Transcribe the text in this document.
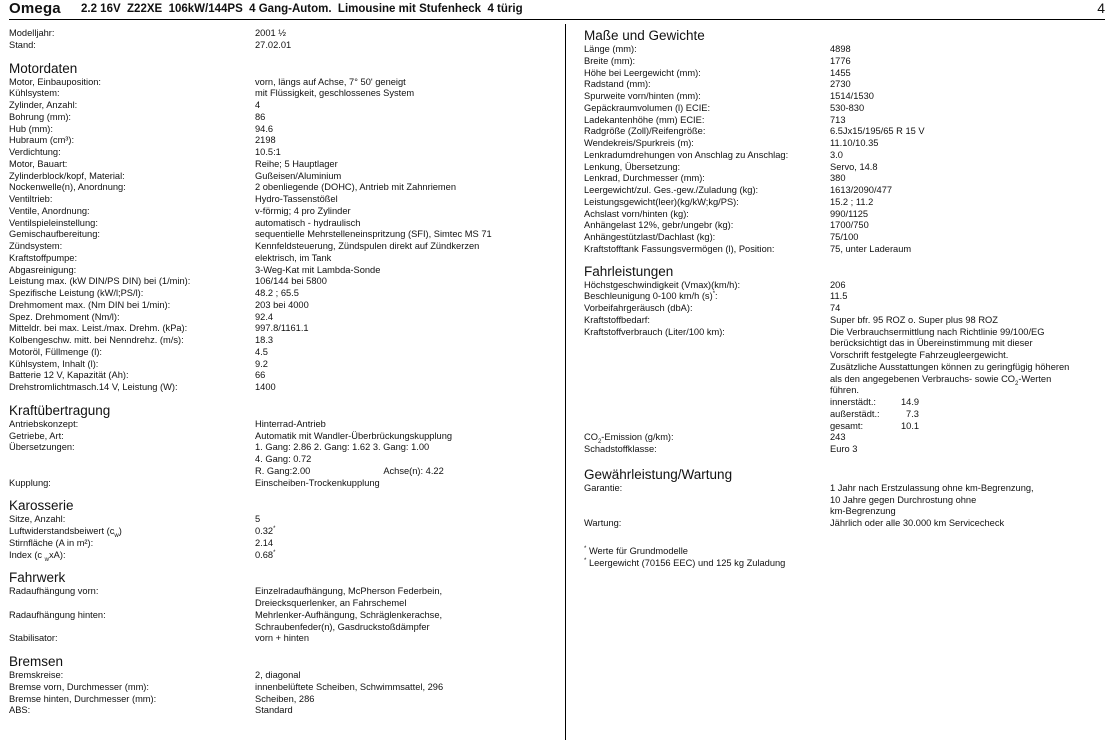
Omega 2.2 16V  Z22XE  106kW/144PS  4 Gang-Autom.  Limousine mit Stufenheck  4 türig	4
Modelljahr:	2001 ½
Stand:	27.02.01
Motordaten
Motor, Einbauposition:	vorn, längs auf Achse, 7° 50' geneigt
Kühlsystem:	mit Flüssigkeit, geschlossenes System
Zylinder, Anzahl:	4
Bohrung (mm):	86
Hub (mm):	94.6
Hubraum (cm³):	2198
Verdichtung:	10.5:1
Motor, Bauart:	Reihe; 5 Hauptlager
Zylinderblock/kopf, Material:	Gußeisen/Aluminium
Nockenwelle(n), Anordnung:	2 obenliegende (DOHC), Antrieb mit Zahnriemen
Ventiltrieb:	Hydro-Tassenstößel
Ventile, Anordnung:	v-förmig; 4 pro Zylinder
Ventilspieleinstellung:	automatisch - hydraulisch
Gemischaufbereitung:	sequentielle Mehrstelleneinspritzung (SFI), Simtec MS 71
Zündsystem:	Kennfeldsteuerung, Zündspulen direkt auf Zündkerzen
Kraftstoffpumpe:	elektrisch, im Tank
Abgasreinigung:	3-Weg-Kat mit Lambda-Sonde
Leistung max. (kW DIN/PS DIN) bei (1/min):	106/144 bei 5800
Spezifische Leistung (kW/l;PS/l):	48.2 ; 65.5
Drehmoment max. (Nm DIN bei 1/min):	203 bei 4000
Spez. Drehmoment (Nm/l):	92.4
Mitteldr. bei max. Leist./max. Drehm. (kPa):	997.8/1161.1
Kolbengeschw. mitt. bei Nenndrehz. (m/s):	18.3
Motoröl, Füllmenge (l):	4.5
Kühlsystem, Inhalt (l):	9.2
Batterie 12 V, Kapazität (Ah):	66
Drehstromlichtmasch.14 V, Leistung (W):	1400
Kraftübertragung
Antriebskonzept:	Hinterrad-Antrieb
Getriebe, Art:	Automatik mit Wandler-Überbrückungskupplung
Übersetzungen:	1. Gang: 2.86 2. Gang: 1.62 3. Gang: 1.00

4. Gang: 0.72

R. Gang:2.00	Achse(n): 4.22
Kupplung:	Einscheiben-Trockenkupplung
Karosserie
Sitze, Anzahl:	5
Luftwiderstandsbeiwert $(c_w)$	0.32*
Stirnfläche (A in m²):	2.14
Index (c $_w$xA):	0.68*
Fahrwerk
Radaufhängung vorn:	Einzelradaufhängung, McPherson Federbein,

Dreiecksquerlenker, an Fahrschemel
Radaufhängung hinten:	Mehrlenker-Aufhängung, Schräglenkerachse,

Schraubenfeder(n), Gasdruckstoßdämpfer
Stabilisator:	vorn + hinten
Bremsen
Bremskreise:	2, diagonal
Bremse vorn, Durchmesser (mm):	innenbelüftete Scheiben, Schwimmsattel, 296
Bremse hinten, Durchmesser (mm):	Scheiben, 286
ABS:	Standard
Maße und Gewichte
Länge (mm):	4898
Breite (mm):	1776
Höhe bei Leergewicht (mm):	1455
Radstand (mm):	2730
Spurweite vorn/hinten (mm):	1514/1530
Gepäckraumvolumen (l) ECIE:	530-830
Ladekantenhöhe (mm) ECIE:	713
Radgröße (Zoll)/Reifengröße:	6.5Jx15/195/65 R 15 V
Wendekreis/Spurkreis (m):	11.10/10.35
Lenkradumdrehungen von Anschlag zu Anschlag:	3.0
Lenkung, Übersetzung:	Servo, 14.8
Lenkrad, Durchmesser (mm):	380
Leergewicht/zul. Ges.-gew./Zuladung (kg):	1613/2090/477
Leistungsgewicht(leer)(kg/kW;kg/PS):	15.2 ; 11.2
Achslast vorn/hinten (kg):	990/1125
Anhängelast 12%, gebr/ungebr (kg):	1700/750
Anhängestützlast/Dachlast (kg):	75/100
Kraftstofftank Fassungsvermögen (l), Position:	75, unter Laderaum
Fahrleistungen
Höchstgeschwindigkeit (Vmax)(km/h):	206
Beschleunigung 0-100 km/h (s)*:	11.5
Vorbeifahrgeräusch (dbA):	74
Kraftstoffbedarf:	Super bfr. 95 ROZ o. Super plus 98 ROZ
Kraftstoffverbrauch (Liter/100 km):	Die Verbrauchsermittlung nach Richtlinie 99/100/EG

berücksichtigt das in Übereinstimmung mit dieser

Vorschrift festgelegte Fahrzeugleergewicht.

Zusätzliche Ausstattungen können zu geringfügig höheren

als den angegebenen Verbrauchs- sowie $CO_2$-Werten

führen.

innerstädt.:	14.9

außerstädt.:	7.3

gesamt:	10.1
$CO_2$-Emission (g/km):	243
Schadstoffklasse:	Euro 3
Gewährleistung/Wartung
Garantie:	1 Jahr nach Erstzulassung ohne km-Begrenzung,

10 Jahre gegen Durchrostung ohne

km-Begrenzung
Wartung:	Jährlich oder alle 30.000 km Servicecheck
* Werte für Grundmodelle
* Leergewicht (70156 EEC) und 125 kg Zuladung
